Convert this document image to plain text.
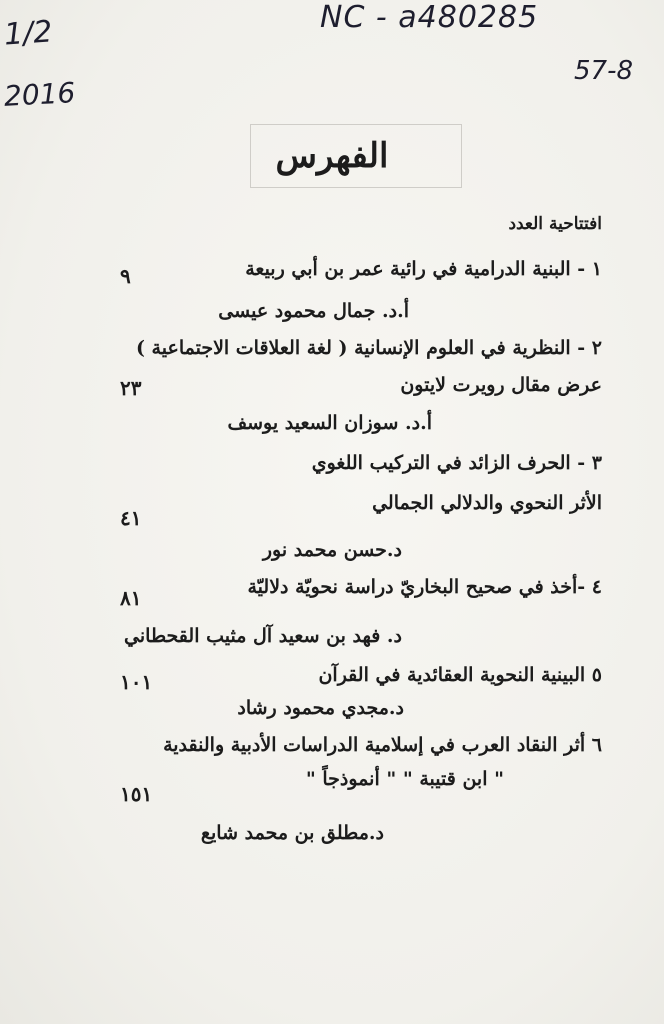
1/2
2016
NC - a480285
57-8
الفهرس
افتتاحية العدد
١ - البنية الدرامية في رائية عمر بن أبي ربيعة
٩
أ.د. جمال محمود عيسى
٢ - النظرية في العلوم الإنسانية ( لغة العلاقات الاجتماعية )
عرض مقال رويرت لايتون
٢٣
أ.د. سوزان السعيد يوسف
٣ - الحرف الزائد في التركيب اللغوي
الأثر النحوي والدلالي الجمالي
٤١
د.حسن محمد نور
٤ -أخذ في صحيح البخاريّ دراسة نحويّة دلاليّة
٨١
د. فهد بن سعيد آل مثيب القحطاني
٥ البينية النحوية العقائدية في القرآن
١٠١
د.مجدي محمود رشاد
٦ أثر النقاد العرب في إسلامية الدراسات الأدبية والنقدية
" ابن قتيبة " " أنموذجاً "
١٥١
د.مطلق بن محمد شايع
